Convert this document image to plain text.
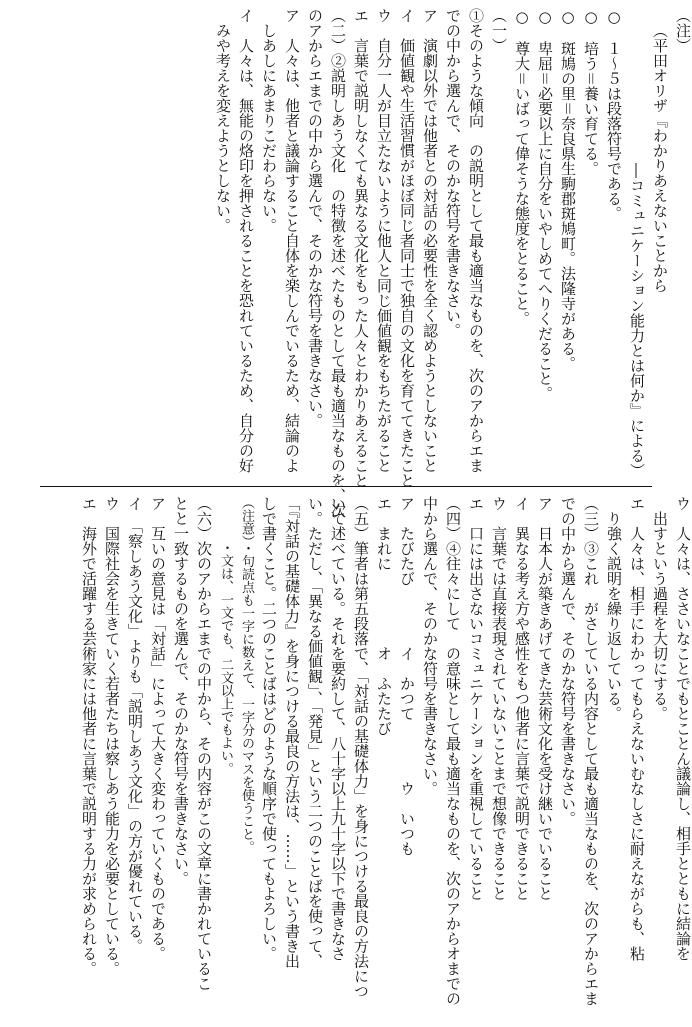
（注）
（平田オリザ『わかりあえないことから
―コミュニケーション能力とは何か』による）
○　１～５は段落符号である。
○　培う＝養い育てる。
○　斑鳩の里＝奈良県生駒郡斑鳩町。法隆寺がある。
○　卑屈＝必要以上に自分をいやしめてへりくだること。
○　尊大＝いばって偉そうな態度をとること。
（一）
①そのような傾向　の説明として最も適当なものを、次のアからエま
での中から選んで、そのかな符号を書きなさい。
ア　演劇以外では他者との対話の必要性を全く認めようとしないこと
イ　価値観や生活習慣がほぼ同じ者同士で独自の文化を育ててきたこと
ウ　自分一人が目立たないように他人と同じ価値観をもちたがること
エ　言葉で説明しなくても異なる文化をもった人々とわかりあえること
（二）②説明しあう文化　の特徴を述べたものとして最も適当なものを、次
のアからエまでの中から選んで、そのかな符号を書きなさい。
ア　人々は、他者と議論すること自体を楽しんでいるため、結論のよ
しあしにあまりこだわらない。
イ　人々は、無能の烙印を押されることを恐れているため、自分の好
みや考えを変えようとしない。
ウ　人々は、ささいなことでもとことん議論し、相手とともに結論を
出すという過程を大切にする。
エ　人々は、相手にわかってもらえないむなしさに耐えながらも、粘
り強く説明を繰り返している。
（三）③これ　がさしている内容として最も適当なものを、次のアからエま
での中から選んで、そのかな符号を書きなさい。
ア　日本人が築きあげてきた芸術文化を受け継いでいること
イ　異なる考え方や感性をもつ他者に言葉で説明できること
ウ　言葉では直接表現されていないことまで想像できること
エ　口には出さないコミュニケーションを重視していること
（四）④往々にして　の意味として最も適当なものを、次のアからオまでの
中から選んで、そのかな符号を書きなさい。
ア　たびたび　　　　イ　かつて　　　　ウ　いつも
エ　まれに　　　　　オ　ふたたび
（五）筆者は第五段落で、「対話の基礎体力」を身につける最良の方法につ
いて述べている。それを要約して、八十字以上九十字以下で書きなさ
い。ただし、「異なる価値観」、「発見」という二つのことばを使って、
「『対話の基礎体力』を身につける最良の方法は、……」という書き出
しで書くこと。二つのことばはどのような順序で使ってもよろしい。
（注意）・句読点も一字に数えて、一字分のマスを使うこと。
・文は、一文でも、二文以上でもよい。
（六）次のアからエまでの中から、その内容がこの文章に書かれているこ
とと一致するものを選んで、そのかな符号を書きなさい。
ア　互いの意見は「対話」によって大きく変わっていくものである。
イ　「察しあう文化」よりも「説明しあう文化」の方が優れている。
ウ　国際社会を生きていく若者たちは察しあう能力を必要としている。
エ　海外で活躍する芸術家には他者に言葉で説明する力が求められる。
